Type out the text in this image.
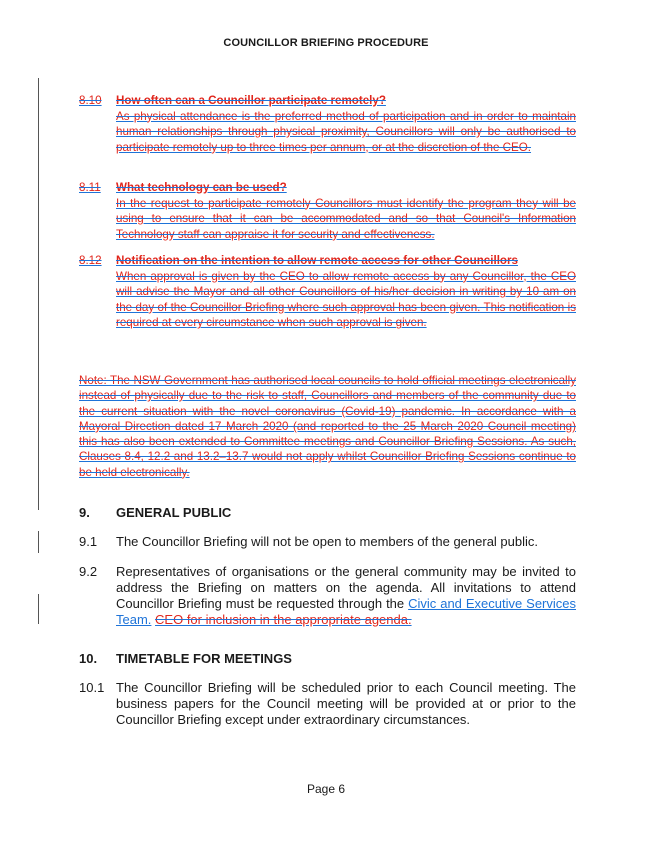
COUNCILLOR BRIEFING PROCEDURE
8.10 How often can a Councillor participate remotely?
As physical attendance is the preferred method of participation and in order to maintain human relationships through physical proximity, Councillors will only be authorised to participate remotely up to three times per annum, or at the discretion of the CEO.
8.11 What technology can be used?
In the request to participate remotely Councillors must identify the program they will be using to ensure that it can be accommodated and so that Council's Information Technology staff can appraise it for security and effectiveness.
8.12 Notification on the intention to allow remote access for other Councillors
When approval is given by the CEO to allow remote access by any Councillor, the CEO will advise the Mayor and all other Councillors of his/her decision in writing by 10 am on the day of the Councillor Briefing where such approval has been given. This notification is required at every circumstance when such approval is given.
Note: The NSW Government has authorised local councils to hold official meetings electronically instead of physically due to the risk to staff, Councillors and members of the community due to the current situation with the novel coronavirus (Covid-19) pandemic. In accordance with a Mayoral Direction dated 17 March 2020 (and reported to the 25 March 2020 Council meeting) this has also been extended to Committee meetings and Councillor Briefing Sessions. As such, Clauses 8.4, 12.2 and 13.2–13.7 would not apply whilst Councillor Briefing Sessions continue to be held electronically.
9. GENERAL PUBLIC
9.1 The Councillor Briefing will not be open to members of the general public.
9.2 Representatives of organisations or the general community may be invited to address the Briefing on matters on the agenda. All invitations to attend Councillor Briefing must be requested through the Civic and Executive Services Team. CEO for inclusion in the appropriate agenda.
10. TIMETABLE FOR MEETINGS
10.1 The Councillor Briefing will be scheduled prior to each Council meeting. The business papers for the Council meeting will be provided at or prior to the Councillor Briefing except under extraordinary circumstances.
Page 6
